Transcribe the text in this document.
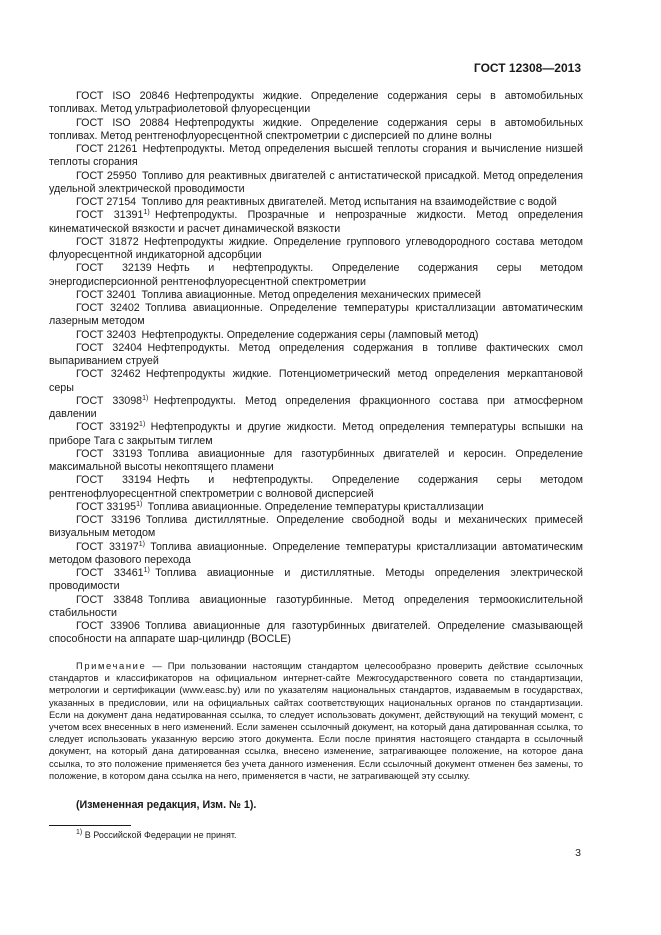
ГОСТ 12308—2013

ГОСТ ISO 20846  Нефтепродукты жидкие. Определение содержания серы в автомобильных топливах. Метод ультрафиолетовой флуоресценции

ГОСТ ISO 20884  Нефтепродукты жидкие. Определение содержания серы в автомобильных топливах. Метод рентгенофлуоресцентной спектрометрии с дисперсией по длине волны

ГОСТ 21261  Нефтепродукты. Метод определения высшей теплоты сгорания и вычисление низшей теплоты сгорания

ГОСТ 25950  Топливо для реактивных двигателей с антистатической присадкой. Метод определения удельной электрической проводимости

ГОСТ 27154  Топливо для реактивных двигателей. Метод испытания на взаимодействие с водой

ГОСТ 31391$^{1)}$  Нефтепродукты. Прозрачные и непрозрачные жидкости. Метод определения кинематической вязкости и расчет динамической вязкости

ГОСТ 31872  Нефтепродукты жидкие. Определение группового углеводородного состава методом флуоресцентной индикаторной адсорбции

ГОСТ 32139  Нефть и нефтепродукты. Определение содержания серы методом энергодисперсионной рентгенофлуоресцентной спектрометрии

ГОСТ 32401  Топлива авиационные. Метод определения механических примесей

ГОСТ 32402  Топлива авиационные. Определение температуры кристаллизации автоматическим лазерным методом

ГОСТ 32403  Нефтепродукты. Определение содержания серы (ламповый метод)

ГОСТ 32404  Нефтепродукты. Метод определения содержания в топливе фактических смол выпариванием струей

ГОСТ 32462  Нефтепродукты жидкие. Потенциометрический метод определения меркаптановой серы

ГОСТ 33098$^{1)}$  Нефтепродукты. Метод определения фракционного состава при атмосферном давлении

ГОСТ 33192$^{1)}$  Нефтепродукты и другие жидкости. Метод определения температуры вспышки на приборе Тага с закрытым тиглем

ГОСТ 33193  Топлива авиационные для газотурбинных двигателей и керосин. Определение максимальной высоты некоптящего пламени

ГОСТ 33194  Нефть и нефтепродукты. Определение содержания серы методом рентгенофлуоресцентной спектрометрии с волновой дисперсией

ГОСТ 33195$^{1)}$  Топлива авиационные. Определение температуры кристаллизации

ГОСТ 33196  Топлива дистиллятные. Определение свободной воды и механических примесей визуальным методом

ГОСТ 33197$^{1)}$  Топлива авиационные. Определение температуры кристаллизации автоматическим методом фазового перехода

ГОСТ 33461$^{1)}$  Топлива авиационные и дистиллятные. Методы определения электрической проводимости

ГОСТ 33848  Топлива авиационные газотурбинные. Метод определения термоокислительной стабильности

ГОСТ 33906  Топлива авиационные для газотурбинных двигателей. Определение смазывающей способности на аппарате шар-цилиндр (BOCLE)

Примечание — При пользовании настоящим стандартом целесообразно проверить действие ссылочных стандартов и классификаторов на официальном интернет-сайте Межгосударственного совета по стандартизации, метрологии и сертификации (www.easc.by) или по указателям национальных стандартов, издаваемым в государствах, указанных в предисловии, или на официальных сайтах соответствующих национальных органов по стандартизации. Если на документ дана недатированная ссылка, то следует использовать документ, действующий на текущий момент, с учетом всех внесенных в него изменений. Если заменен ссылочный документ, на который дана датированная ссылка, то следует использовать указанную версию этого документа. Если после принятия настоящего стандарта в ссылочный документ, на который дана датированная ссылка, внесено изменение, затрагивающее положение, на которое дана ссылка, то это положение применяется без учета данного изменения. Если ссылочный документ отменен без замены, то положение, в котором дана ссылка на него, применяется в части, не затрагивающей эту ссылку.

(Измененная редакция, Изм. № 1).
$^{1)}$ В Российской Федерации не принят.
3
